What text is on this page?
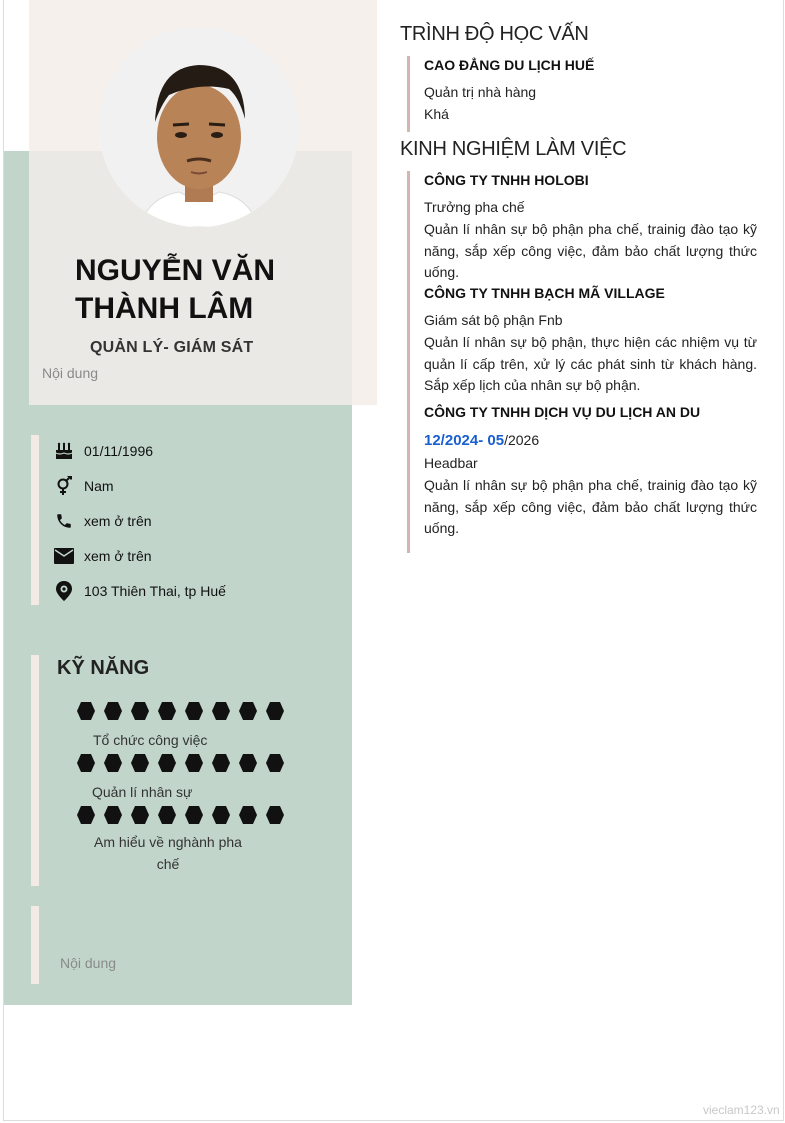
NGUYỄN VĂN
THÀNH LÂM
QUẢN LÝ- GIÁM SÁT
Nội dung
01/11/1996
Nam
xem ở trên
xem ở trên
103 Thiên Thai, tp Huế
KỸ NĂNG
Tổ chức công việc
Quản lí nhân sự
Am hiểu về nghành pha
chế
Nội dung
TRÌNH ĐỘ HỌC VẤN
CAO ĐẲNG DU LỊCH HUẾ
Quản trị nhà hàng
Khá
KINH NGHIỆM LÀM VIỆC
CÔNG TY TNHH HOLOBI
Trưởng pha chế
Quản lí nhân sự bộ phận pha chế, trainig đào tạo kỹ năng, sắp xếp công việc, đảm bảo chất lượng thức uống.
CÔNG TY TNHH BẠCH MÃ VILLAGE
Giám sát bộ phận Fnb
Quản lí nhân sự bộ phận, thực hiện các nhiệm vụ từ quản lí cấp trên, xử lý các phát sinh từ khách hàng. Sắp xếp lịch của nhân sự bộ phận.
CÔNG TY TNHH DỊCH VỤ DU LỊCH AN DU
12/2024- 05/2026
Headbar
Quản lí nhân sự bộ phận pha chế, trainig đào tạo kỹ năng, sắp xếp công việc, đảm bảo chất lượng thức uống.
vieclam123.vn
